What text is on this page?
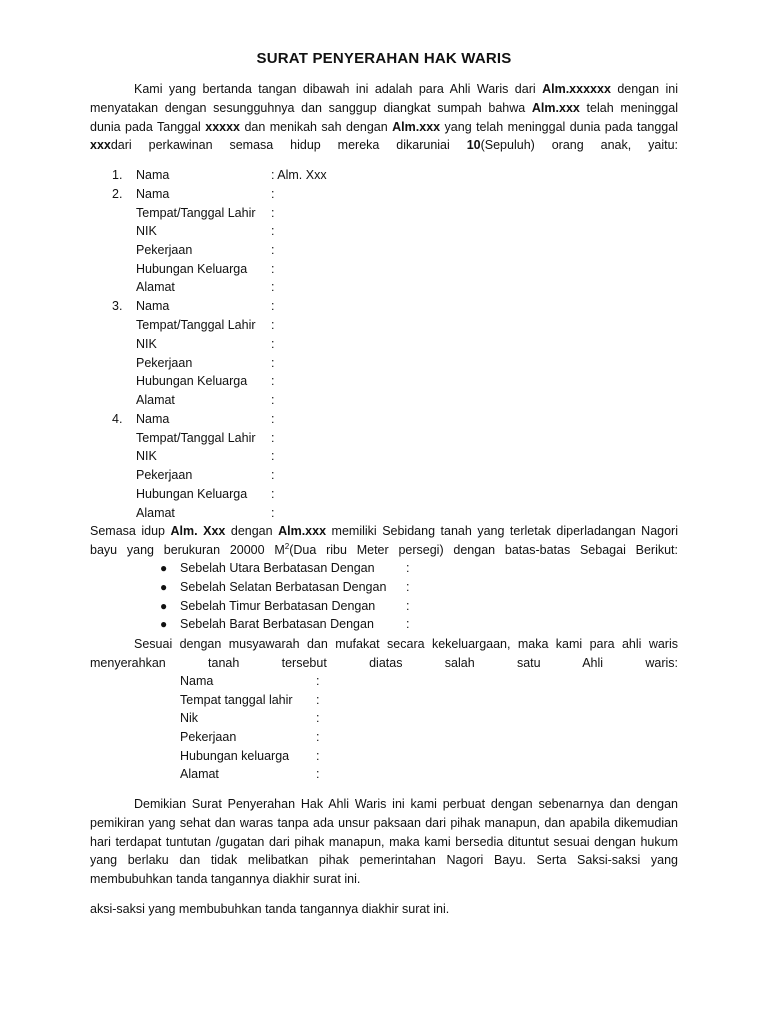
SURAT PENYERAHAN HAK WARIS

Kami yang bertanda tangan dibawah ini adalah para Ahli Waris dari Alm.xxxxxx dengan ini menyatakan dengan sesungguhnya dan sanggup diangkat sumpah bahwa Alm.xxx telah meninggal dunia pada Tanggal xxxxx dan menikah sah dengan Alm.xxx yang telah meninggal dunia pada tanggal xxxdari perkawinan semasa hidup mereka dikaruniai 10(Sepuluh) orang anak, yaitu:

1. Nama	: Alm. Xxx
2. Nama	:
Tempat/Tanggal Lahir :
NIK	:
Pekerjaan	:
Hubungan Keluarga :
Alamat	:
3. Nama	:
Tempat/Tanggal Lahir :
NIK	:
Pekerjaan	:
Hubungan Keluarga :
Alamat	:
4. Nama	:
Tempat/Tanggal Lahir :
NIK	:
Pekerjaan	:
Hubungan Keluarga :
Alamat	:

Semasa idup Alm. Xxx dengan Alm.xxx memiliki Sebidang tanah yang terletak diperladangan Nagori bayu yang berukuran 20000 $M^2(Dua$ ribu Meter persegi) dengan batas-batas Sebagai Berikut:

● Sebelah Utara Berbatasan Dengan	:
● Sebelah Selatan Berbatasan Dengan :
● Sebelah Timur Berbatasan Dengan :
● Sebelah Barat Berbatasan Dengan	:

Sesuai dengan musyawarah dan mufakat secara kekeluargaan, maka kami para ahli waris menyerahkan tanah tersebut diatas salah satu Ahli waris:

Nama	:
Tempat tanggal lahir :
Nik	:
Pekerjaan	:
Hubungan keluarga :
Alamat	:

Demikian Surat Penyerahan Hak Ahli Waris ini kami perbuat dengan sebenarnya dan dengan pemikiran yang sehat dan waras tanpa ada unsur paksaan dari pihak manapun, dan apabila dikemudian hari terdapat tuntutan /gugatan dari pihak manapun, maka kami bersedia dituntut sesuai dengan hukum yang berlaku dan tidak melibatkan pihak pemerintahan Nagori Bayu. Serta Saksi-saksi yang membubuhkan tanda tangannya diakhir surat ini.

aksi-saksi yang membubuhkan tanda tangannya diakhir surat ini.
